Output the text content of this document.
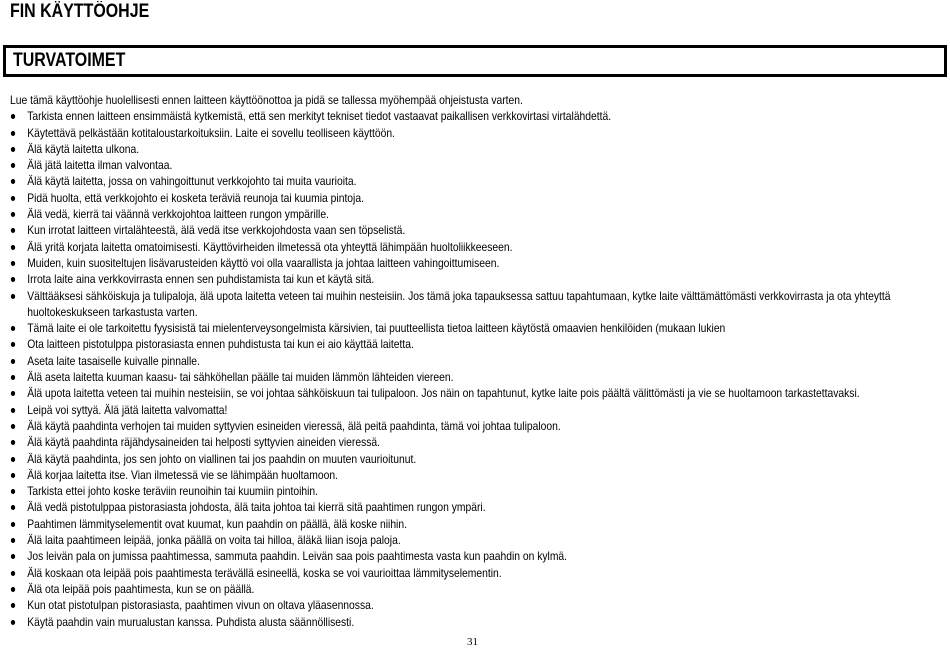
FIN KÄYTTÖOHJE
TURVATOIMET

Lue tämä käyttöohje huolellisesti ennen laitteen käyttöönottoa ja pidä se tallessa myöhempää ohjeistusta varten.

Tarkista ennen laitteen ensimmäistä kytkemistä, että sen merkityt tekniset tiedot vastaavat paikallisen verkkovirtasi virtalähdettä.
Käytettävä pelkästään kotitaloustarkoituksiin. Laite ei sovellu teolliseen käyttöön.
Älä käytä laitetta ulkona.
Älä jätä laitetta ilman valvontaa.
Älä käytä laitetta, jossa on vahingoittunut verkkojohto tai muita vaurioita.
Pidä huolta, että verkkojohto ei kosketa teräviä reunoja tai kuumia pintoja.
Älä vedä, kierrä tai väännä verkkojohtoa laitteen rungon ympärille.
Kun irrotat laitteen virtalähteestä, älä vedä itse verkkojohdosta vaan sen töpselistä.
Älä yritä korjata laitetta omatoimisesti. Käyttövirheiden ilmetessä ota yhteyttä lähimpään huoltoliikkeeseen.
Muiden, kuin suositeltujen lisävarusteiden käyttö voi olla vaarallista ja johtaa laitteen vahingoittumiseen.
Irrota laite aina verkkovirrasta ennen sen puhdistamista tai kun et käytä sitä.
Välttääksesi sähköiskuja ja tulipaloja, älä upota laitetta veteen tai muihin nesteisiin. Jos tämä joka tapauksessa sattuu tapahtumaan, kytke laite välttämättömästi verkkovirrasta ja ota yhteyttä huoltokeskukseen tarkastusta varten.
Tämä laite ei ole tarkoitettu fyysisistä tai mielenterveysongelmista kärsivien, tai puutteellista tietoa laitteen käytöstä omaavien henkilöiden (mukaan lukien
Ota laitteen pistotulppa pistorasiasta ennen puhdistusta tai kun ei aio käyttää laitetta.
Aseta laite tasaiselle kuivalle pinnalle.
Älä aseta laitetta kuuman kaasu- tai sähköhellan päälle tai muiden lämmön lähteiden viereen.
Älä upota laitetta veteen tai muihin nesteisiin, se voi johtaa sähköiskuun tai tulipaloon. Jos näin on tapahtunut, kytke laite pois päältä välittömästi ja vie se huoltamoon tarkastettavaksi.
Leipä voi syttyä. Älä jätä laitetta valvomatta!
Älä käytä paahdinta verhojen tai muiden syttyvien esineiden vieressä, älä peitä paahdinta, tämä voi johtaa tulipaloon.
Älä käytä paahdinta räjähdysaineiden tai helposti syttyvien aineiden vieressä.
Älä käytä paahdinta, jos sen johto on viallinen tai jos paahdin on muuten vaurioitunut.
Älä korjaa laitetta itse. Vian ilmetessä vie se lähimpään huoltamoon.
Tarkista ettei johto koske teräviin reunoihin tai kuumiin pintoihin.
Älä vedä pistotulppaa pistorasiasta johdosta, älä taita johtoa tai kierrä sitä paahtimen rungon ympäri.
Paahtimen lämmityselementit ovat kuumat, kun paahdin on päällä, älä koske niihin.
Älä laita paahtimeen leipää, jonka päällä on voita tai hilloa, äläkä liian isoja paloja.
Jos leivän pala on jumissa paahtimessa, sammuta paahdin. Leivän saa pois paahtimesta vasta kun paahdin on kylmä.
Älä koskaan ota leipää pois paahtimesta terävällä esineellä, koska se voi vaurioittaa lämmityselementin.
Älä ota leipää pois paahtimesta, kun se on päällä.
Kun otat pistotulpan pistorasiasta, paahtimen vivun on oltava yläasennossa.
Käytä paahdin vain murualustan kanssa. Puhdista alusta säännöllisesti.
31
